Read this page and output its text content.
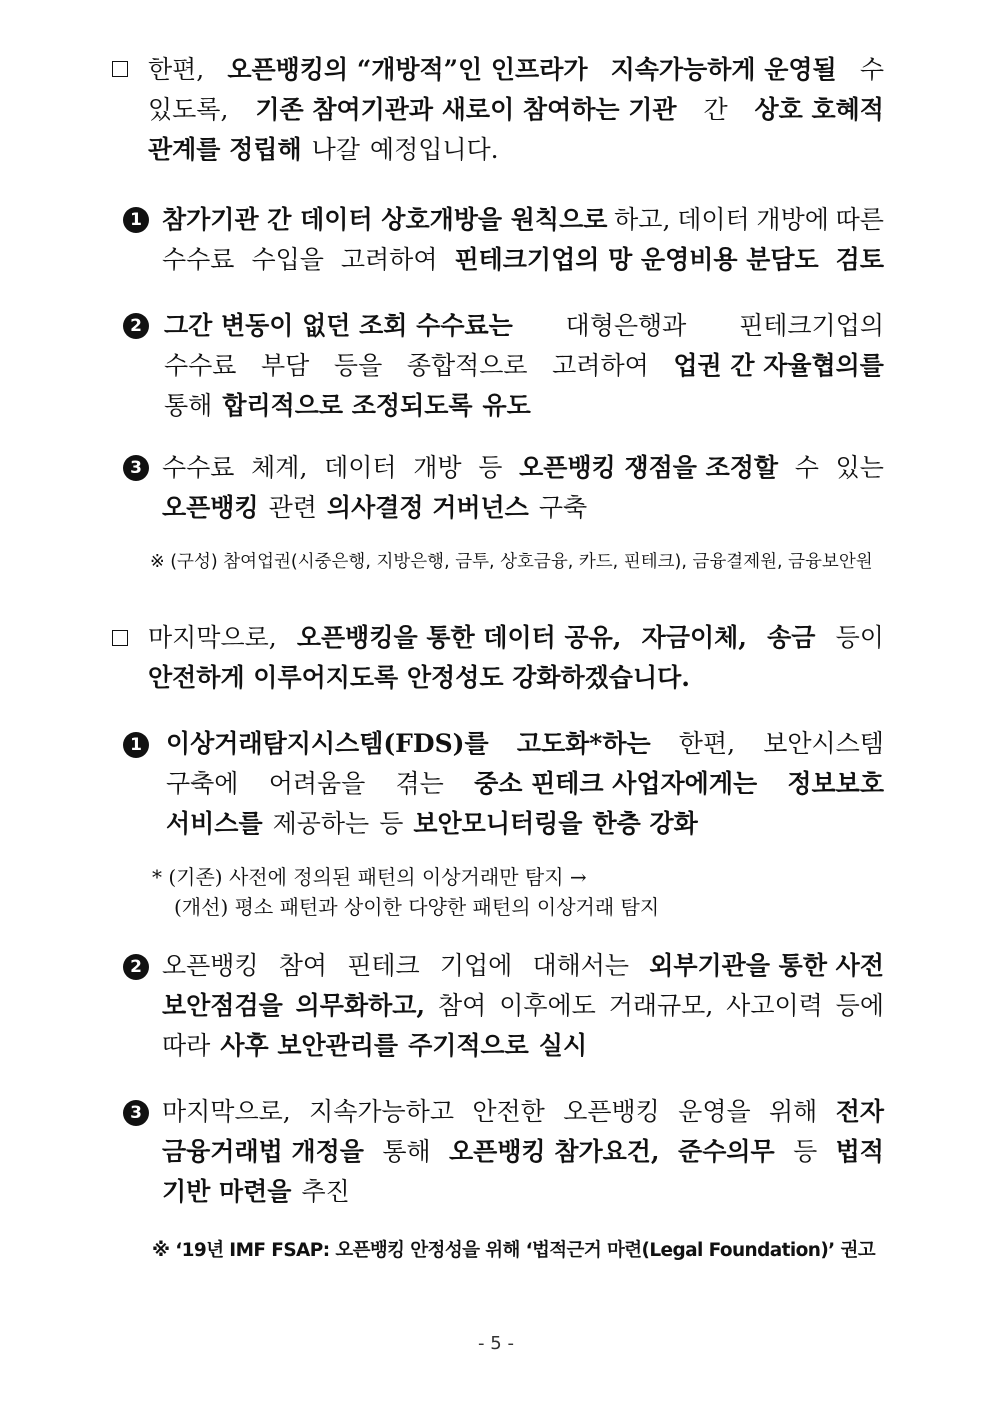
한편, 오픈뱅킹의 “개방적”인 인프라가 지속가능하게 운영될 수
있도록, 기존 참여기관과 새로이 참여하는 기관 간 상호 호혜적
관계를 정립해 나갈 예정입니다.
1 참가기관 간 데이터 상호개방을 원칙으로 하고, 데이터 개방에 따른
수수료 수입을 고려하여 핀테크기업의 망 운영비용 분담도 검토
2 그간 변동이 없던 조회 수수료는 대형은행과 핀테크기업의
수수료 부담 등을 종합적으로 고려하여 업권 간 자율협의를
통해 합리적으로 조정되도록 유도
3 수수료 체계, 데이터 개방 등 오픈뱅킹 쟁점을 조정할 수 있는
오픈뱅킹 관련 의사결정 거버넌스 구축
※ (구성) 참여업권(시중은행, 지방은행, 금투, 상호금융, 카드, 핀테크), 금융결제원, 금융보안원
마지막으로, 오픈뱅킹을 통한 데이터 공유, 자금이체, 송금 등이
안전하게 이루어지도록 안정성도 강화하겠습니다.
1 이상거래탐지시스템(FDS)를 고도화*하는 한편, 보안시스템
구축에 어려움을 겪는 중소 핀테크 사업자에게는 정보보호
서비스를 제공하는 등 보안모니터링을 한층 강화
* (기존) 사전에 정의된 패턴의 이상거래만 탐지 →
(개선) 평소 패턴과 상이한 다양한 패턴의 이상거래 탐지
2 오픈뱅킹 참여 핀테크 기업에 대해서는 외부기관을 통한 사전
보안점검을 의무화하고, 참여 이후에도 거래규모, 사고이력 등에
따라 사후 보안관리를 주기적으로 실시
3 마지막으로, 지속가능하고 안전한 오픈뱅킹 운영을 위해 전자
금융거래법 개정을 통해 오픈뱅킹 참가요건, 준수의무 등 법적
기반 마련을 추진
※ ‘19년 IMF FSAP: 오픈뱅킹 안정성을 위해 ‘법적근거 마련(Legal Foundation)’ 권고
- 5 -
